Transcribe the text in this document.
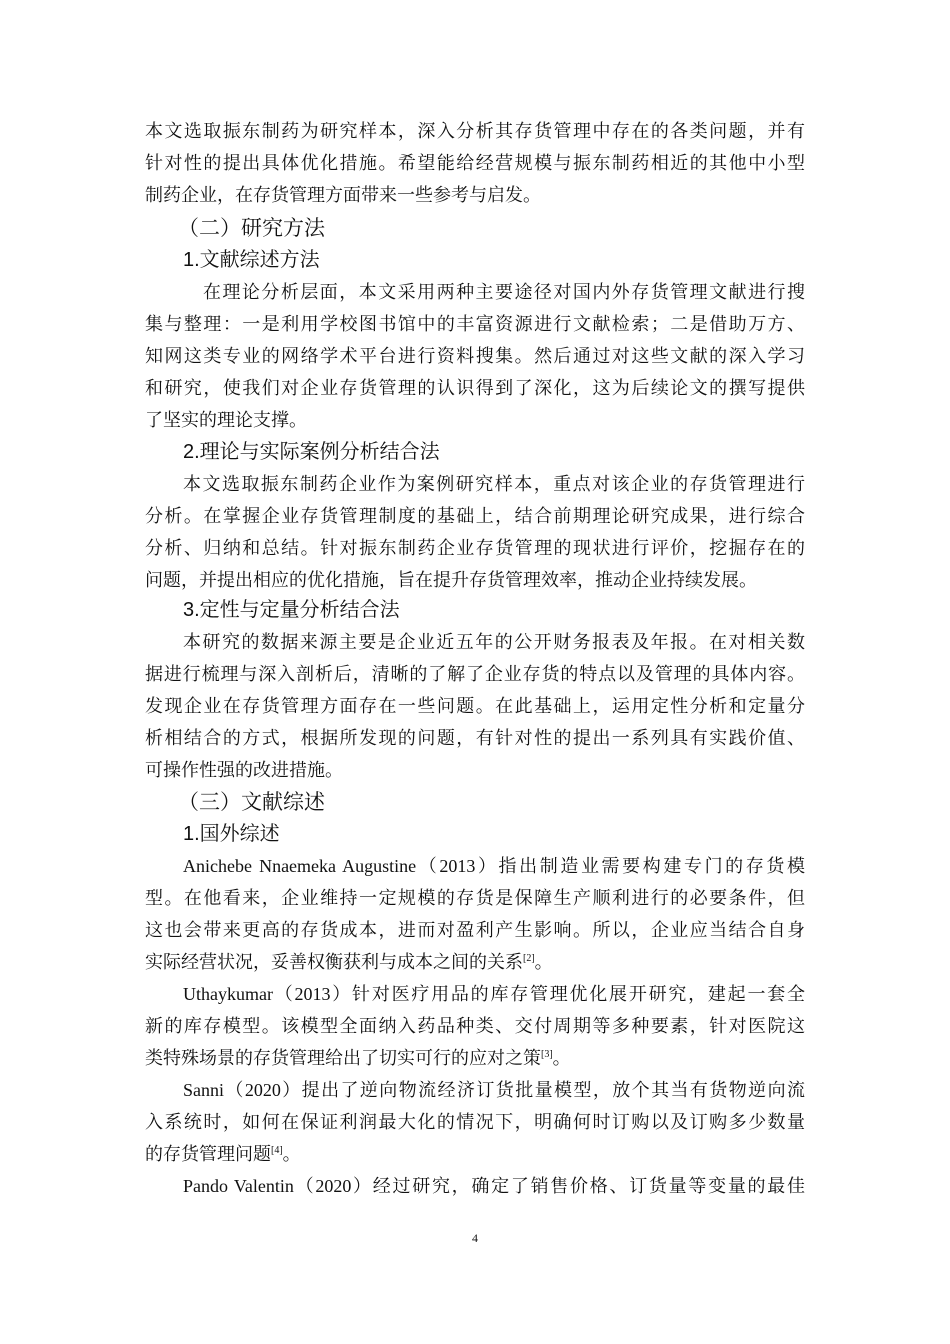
本文选取振东制药为研究样本，深入分析其存货管理中存在的各类问题，并有
针对性的提出具体优化措施。希望能给经营规模与振东制药相近的其他中小型
制药企业，在存货管理方面带来一些参考与启发。
（二）研究方法
1.文献综述方法
在理论分析层面，本文采用两种主要途径对国内外存货管理文献进行搜
集与整理：一是利用学校图书馆中的丰富资源进行文献检索；二是借助万方、
知网这类专业的网络学术平台进行资料搜集。然后通过对这些文献的深入学习
和研究，使我们对企业存货管理的认识得到了深化，这为后续论文的撰写提供
了坚实的理论支撑。
2.理论与实际案例分析结合法
本文选取振东制药企业作为案例研究样本，重点对该企业的存货管理进行
分析。在掌握企业存货管理制度的基础上，结合前期理论研究成果，进行综合
分析、归纳和总结。针对振东制药企业存货管理的现状进行评价，挖掘存在的
问题，并提出相应的优化措施，旨在提升存货管理效率，推动企业持续发展。
3.定性与定量分析结合法
本研究的数据来源主要是企业近五年的公开财务报表及年报。在对相关数
据进行梳理与深入剖析后，清晰的了解了企业存货的特点以及管理的具体内容。
发现企业在存货管理方面存在一些问题。在此基础上，运用定性分析和定量分
析相结合的方式，根据所发现的问题，有针对性的提出一系列具有实践价值、
可操作性强的改进措施。
（三）文献综述
1.国外综述
Anichebe Nnaemeka Augustine（2013）指出制造业需要构建专门的存货模
型。在他看来，企业维持一定规模的存货是保障生产顺利进行的必要条件，但
这也会带来更高的存货成本，进而对盈利产生影响。所以，企业应当结合自身
实际经营状况，妥善权衡获利与成本之间的关系[2]。
Uthaykumar（2013）针对医疗用品的库存管理优化展开研究，建起一套全
新的库存模型。该模型全面纳入药品种类、交付周期等多种要素，针对医院这
类特殊场景的存货管理给出了切实可行的应对之策[3]。
Sanni（2020）提出了逆向物流经济订货批量模型，放个其当有货物逆向流
入系统时，如何在保证利润最大化的情况下，明确何时订购以及订购多少数量
的存货管理问题[4]。
Pando Valentin（2020）经过研究，确定了销售价格、订货量等变量的最佳
4
